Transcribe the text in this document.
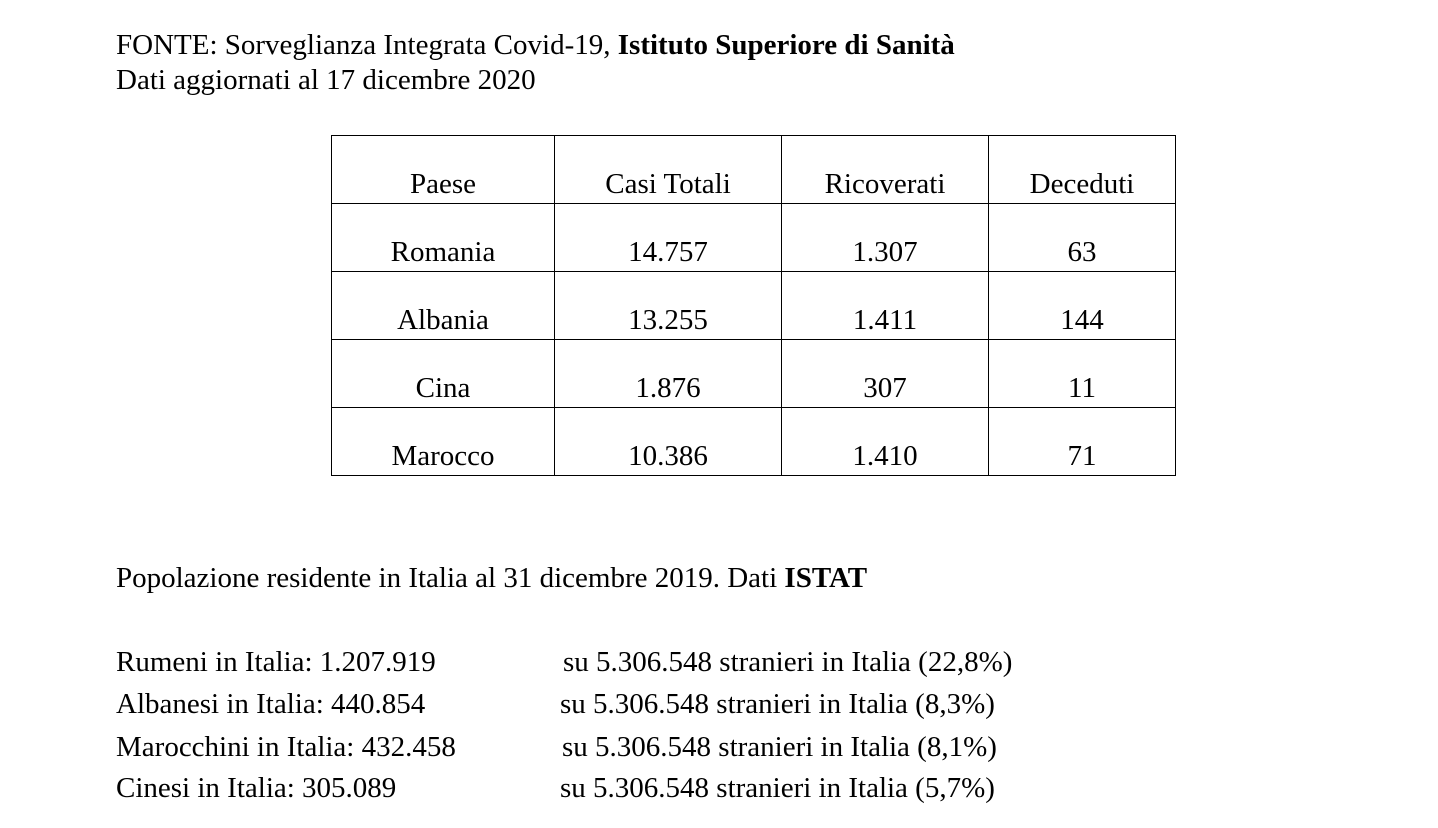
FONTE: Sorveglianza Integrata Covid-19, Istituto Superiore di Sanità
Dati aggiornati al 17 dicembre 2020
Paese	Casi Totali	Ricoverati	Deceduti
Romania	14.757	1.307	63
Albania	13.255	1.411	144
Cina	1.876	307	11
Marocco	10.386	1.410	71
Popolazione residente in Italia al 31 dicembre 2019. Dati ISTAT
Rumeni in Italia: 1.207.919	su 5.306.548 stranieri in Italia (22,8%)
Albanesi in Italia: 440.854	su 5.306.548 stranieri in Italia (8,3%)
Marocchini in Italia: 432.458	su 5.306.548 stranieri in Italia (8,1%)
Cinesi in Italia: 305.089	su 5.306.548 stranieri in Italia (5,7%)
